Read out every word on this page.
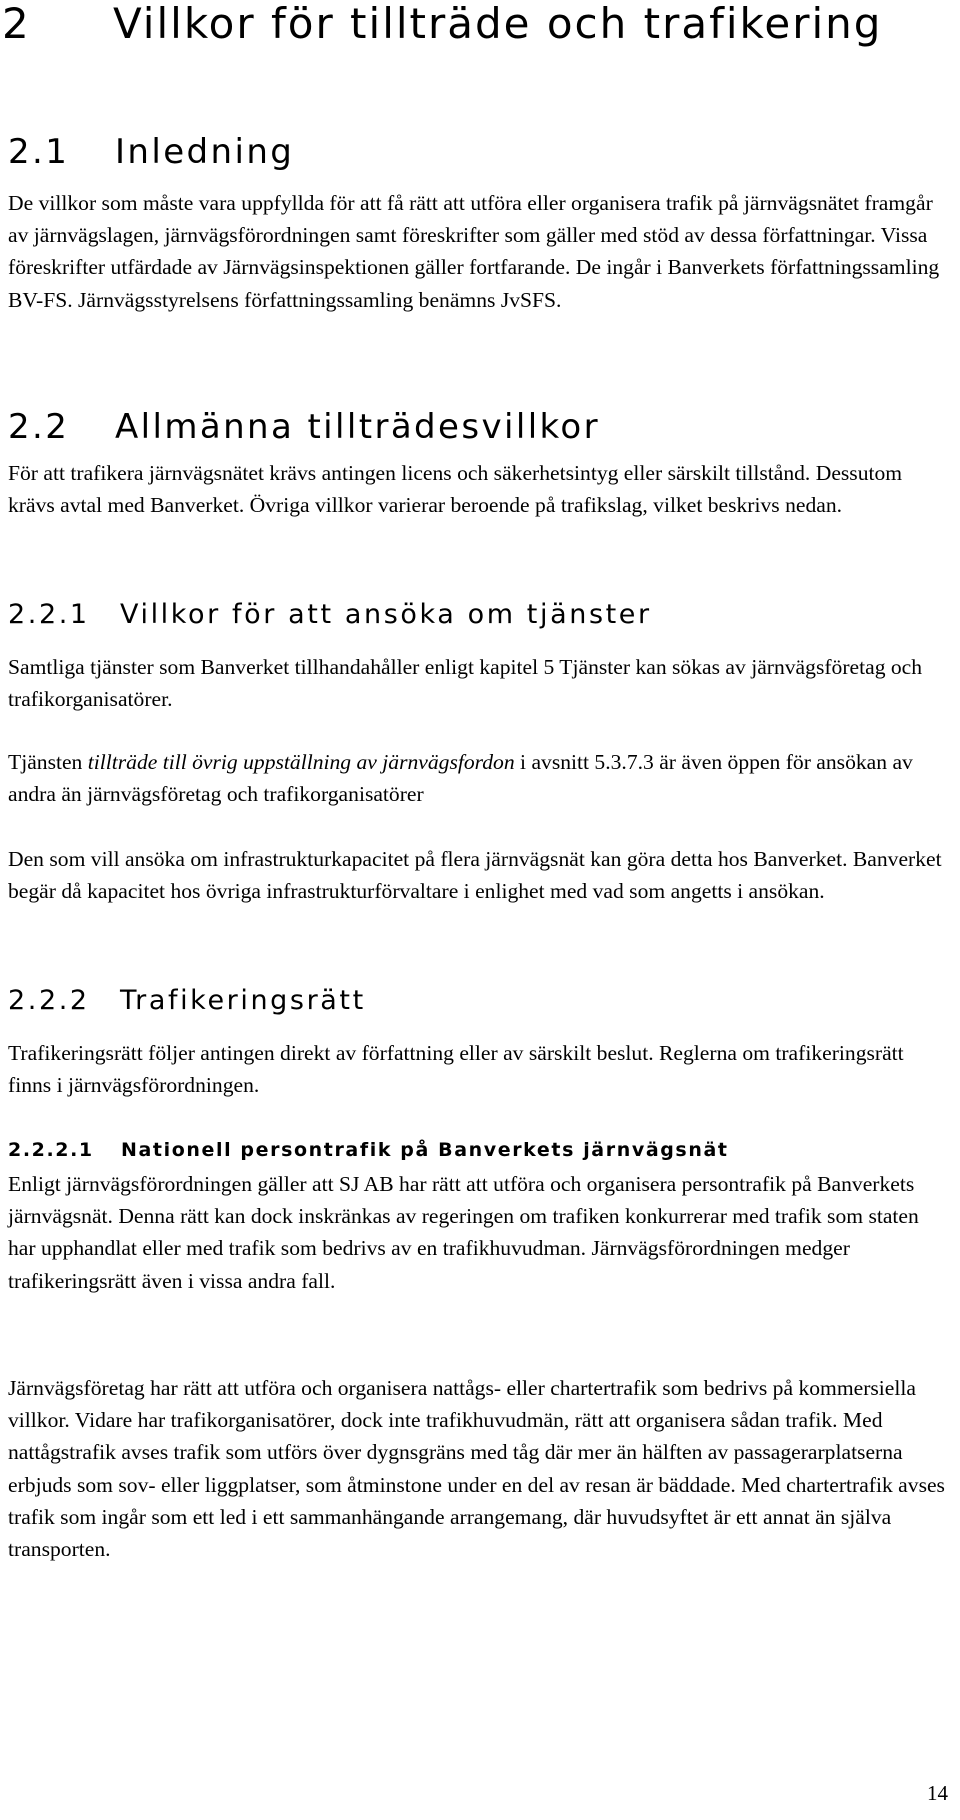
2 Villkor för tillträde och trafikering
2.1 Inledning

De villkor som måste vara uppfyllda för att få rätt att utföra eller organisera trafik på järnvägsnätet framgår av järnvägslagen, järnvägsförordningen samt föreskrifter som gäller med stöd av dessa författningar. Vissa föreskrifter utfärdade av Järnvägsinspektionen gäller fortfarande. De ingår i Banverkets författningssamling BV-FS. Järnvägsstyrelsens författningssamling benämns JvSFS.

2.2 Allmänna tillträdesvillkor

För att trafikera järnvägsnätet krävs antingen licens och säkerhetsintyg eller särskilt tillstånd. Dessutom krävs avtal med Banverket. Övriga villkor varierar beroende på trafikslag, vilket beskrivs nedan.

2.2.1 Villkor för att ansöka om tjänster

Samtliga tjänster som Banverket tillhandahåller enligt kapitel 5 Tjänster kan sökas av järnvägsföretag och trafikorganisatörer.

Tjänsten tillträde till övrig uppställning av järnvägsfordon i avsnitt 5.3.7.3 är även öppen för ansökan av andra än järnvägsföretag och trafikorganisatörer

Den som vill ansöka om infrastrukturkapacitet på flera järnvägsnät kan göra detta hos Banverket. Banverket begär då kapacitet hos övriga infrastrukturförvaltare i enlighet med vad som angetts i ansökan.

2.2.2 Trafikeringsrätt

Trafikeringsrätt följer antingen direkt av författning eller av särskilt beslut. Reglerna om trafikeringsrätt finns i järnvägsförordningen.

2.2.2.1 Nationell persontrafik på Banverkets järnvägsnät

Enligt järnvägsförordningen gäller att SJ AB har rätt att utföra och organisera persontrafik på Banverkets järnvägsnät. Denna rätt kan dock inskränkas av regeringen om trafiken konkurrerar med trafik som staten har upphandlat eller med trafik som bedrivs av en trafikhuvudman. Järnvägsförordningen medger trafikeringsrätt även i vissa andra fall.

Järnvägsföretag har rätt att utföra och organisera nattågs- eller chartertrafik som bedrivs på kommersiella villkor. Vidare har trafikorganisatörer, dock inte trafikhuvudmän, rätt att organisera sådan trafik. Med nattågstrafik avses trafik som utförs över dygnsgräns med tåg där mer än hälften av passagerarplatserna erbjuds som sov- eller liggplatser, som åtminstone under en del av resan är bäddade. Med chartertrafik avses trafik som ingår som ett led i ett sammanhängande arrangemang, där huvudsyftet är ett annat än själva transporten.

14
